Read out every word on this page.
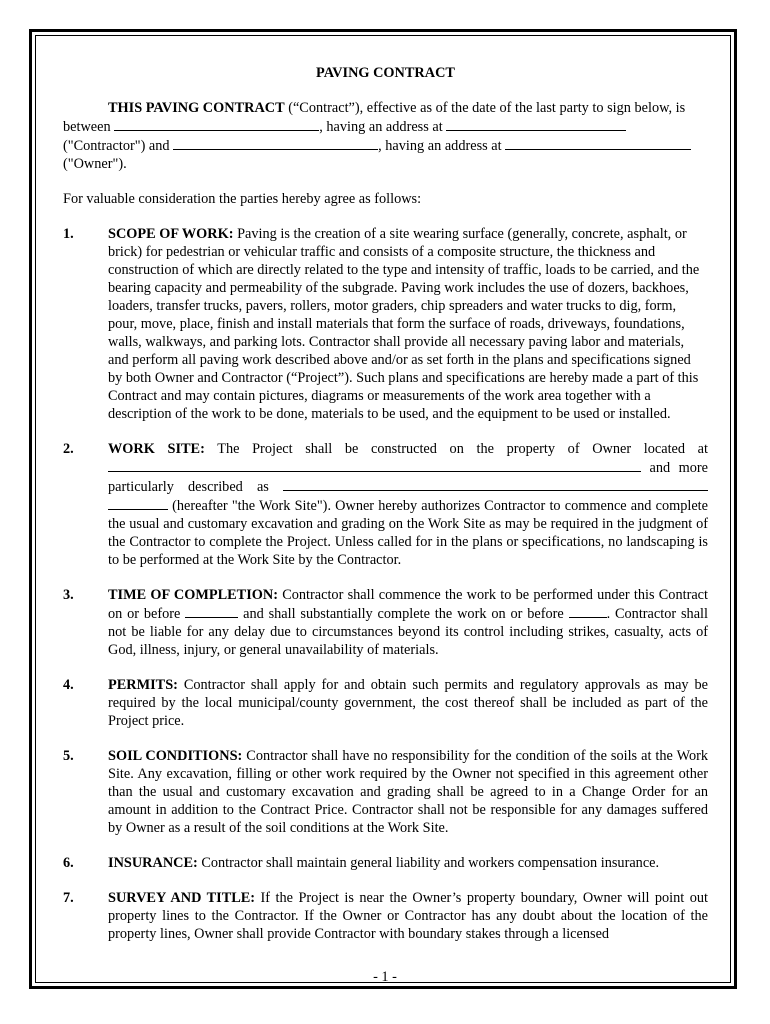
PAVING CONTRACT

THIS PAVING CONTRACT (“Contract”), effective as of the date of the last party to sign below, is between	, having an address at  ("Contractor") and	, having an address at  ("Owner").

For valuable consideration the parties hereby agree as follows:

1.	SCOPE OF WORK: Paving is the creation of a site wearing surface (generally, concrete, asphalt, or brick) for pedestrian or vehicular traffic and consists of a composite structure, the thickness and construction of which are directly related to the type and intensity of traffic, loads to be carried, and the bearing capacity and permeability of the subgrade. Paving work includes the use of dozers, backhoes, loaders, transfer trucks, pavers, rollers, motor graders, chip spreaders and water trucks to dig, form, pour, move, place, finish and install materials that form the surface of roads, driveways, foundations, walls, walkways, and parking lots. Contractor shall provide all necessary paving labor and materials, and perform all paving work described above and/or as set forth in the plans and specifications signed by both Owner and Contractor (“Project”). Such plans and specifications are hereby made a part of this Contract and may contain pictures, diagrams or measurements of the work area together with a description of the work to be done, materials to be used, and the equipment to be used or installed.

2.	WORK SITE: The Project shall be constructed on the property of Owner located at  and more particularly described as   (hereafter "the Work Site"). Owner hereby authorizes Contractor to commence and complete the usual and customary excavation and grading on the Work Site as may be required in the judgment of the Contractor to complete the Project. Unless called for in the plans or specifications, no landscaping is to be performed at the Work Site by the Contractor.

3.	TIME OF COMPLETION: Contractor shall commence the work to be performed under this Contract on or before	and shall substantially complete the work on or before	. Contractor shall not be liable for any delay due to circumstances beyond its control including strikes, casualty, acts of God, illness, injury, or general unavailability of materials.

4.	PERMITS: Contractor shall apply for and obtain such permits and regulatory approvals as may be required by the local municipal/county government, the cost thereof shall be included as part of the Project price.

5.	SOIL CONDITIONS: Contractor shall have no responsibility for the condition of the soils at the Work Site. Any excavation, filling or other work required by the Owner not specified in this agreement other than the usual and customary excavation and grading shall be agreed to in a Change Order for an amount in addition to the Contract Price. Contractor shall not be responsible for any damages suffered by Owner as a result of the soil conditions at the Work Site.

6.	INSURANCE: Contractor shall maintain general liability and workers compensation insurance.

7.	SURVEY AND TITLE: If the Project is near the Owner’s property boundary, Owner will point out property lines to the Contractor. If the Owner or Contractor has any doubt about the location of the property lines, Owner shall provide Contractor with boundary stakes through a licensed

- 1 -
